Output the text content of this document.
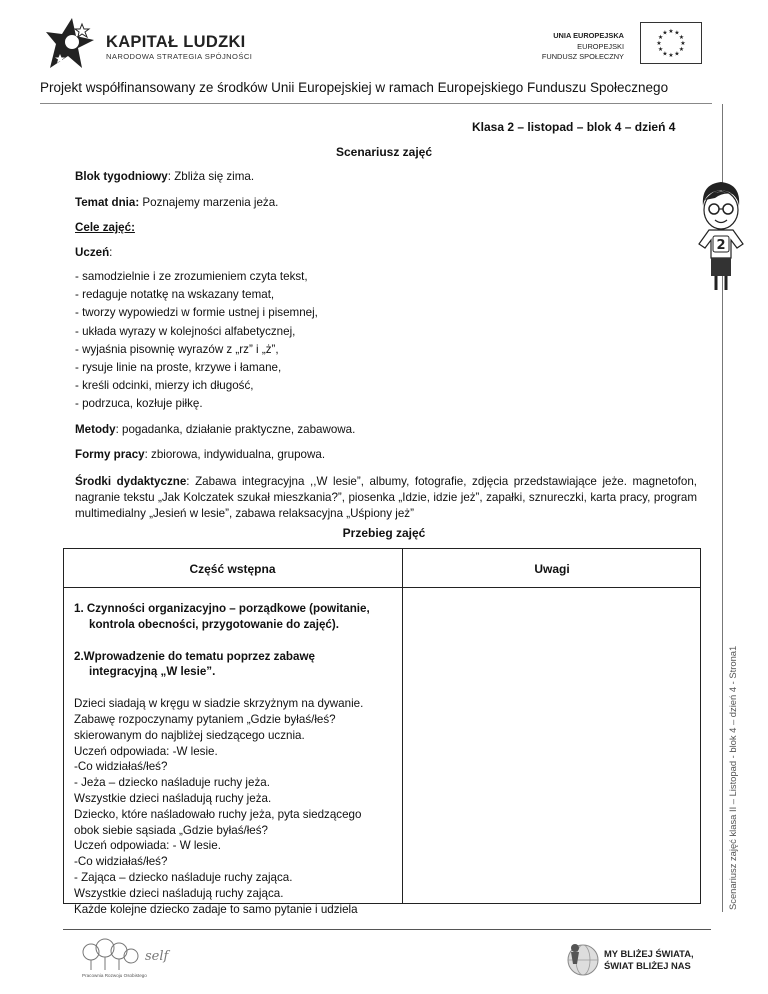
KAPITAŁ LUDZKI
NARODOWA STRATEGIA SPÓJNOŚCI
UNIA EUROPEJSKA
EUROPEJSKI
FUNDUSZ SPOŁECZNY
★ ★
★
★
★
★
★
★
★
★
★
★
Projekt współfinansowany ze środków Unii Europejskiej w ramach Europejskiego Funduszu Społecznego
Klasa 2 – listopad – blok 4 – dzień 4
Scenariusz zajęć
Blok tygodniowy: Zbliża się zima.
Temat dnia: Poznajemy marzenia jeża.
Cele zajęć:
Uczeń:
- samodzielnie i ze zrozumieniem czyta tekst,
- redaguje notatkę na wskazany temat,
- tworzy wypowiedzi w formie ustnej i pisemnej,
- układa wyrazy w kolejności alfabetycznej,
- wyjaśnia pisownię wyrazów z „rz” i „ż”,
- rysuje linie na proste, krzywe i łamane,
- kreśli odcinki, mierzy ich długość,
- podrzuca, kozłuje piłkę.
Metody: pogadanka, działanie praktyczne, zabawowa.
Formy pracy: zbiorowa, indywidualna, grupowa.
Środki dydaktyczne: Zabawa integracyjna ,,W lesie”, albumy, fotografie, zdjęcia przedstawiające jeże. magnetofon, nagranie tekstu „Jak Kolczatek szukał mieszkania?”, piosenka „Idzie, idzie jeż”, zapałki, sznureczki, karta pracy, program multimedialny „Jesień w lesie”, zabawa relaksacyjna „Uśpiony jeż”
Przebieg zajęć
Część wstępna	Uwagi
1. Czynności organizacyjno – porządkowe (powitanie,
kontrola obecności, przygotowanie do zajęć).
2.Wprowadzenie do tematu poprzez zabawę
integracyjną „W lesie”.
Dzieci siadają w kręgu w siadzie skrzyżnym na dywanie.
Zabawę rozpoczynamy pytaniem „Gdzie byłaś/łeś?
skierowanym do najbliżej siedzącego ucznia.
Uczeń odpowiada: -W lesie.
-Co widziałaś/łeś?
- Jeża – dziecko naśladuje ruchy jeża.
Wszystkie dzieci naśladują ruchy jeża.
Dziecko, które naśladowało ruchy jeża, pyta siedzącego
obok siebie sąsiada „Gdzie byłaś/łeś?
Uczeń odpowiada: - W lesie.
-Co widziałaś/łeś?
- Zająca – dziecko naśladuje ruchy zająca.
Wszystkie dzieci naśladują ruchy zająca.
Każde kolejne dziecko zadaje to samo pytanie i udziela	Scenariusz zajęć klasa II – Listopad - blok 4 – dzień 4 - Strona1
2
self
Pracownia Rozwoju Osobistego
MY BLIŻEJ ŚWIATA,
ŚWIAT BLIŻEJ NAS
